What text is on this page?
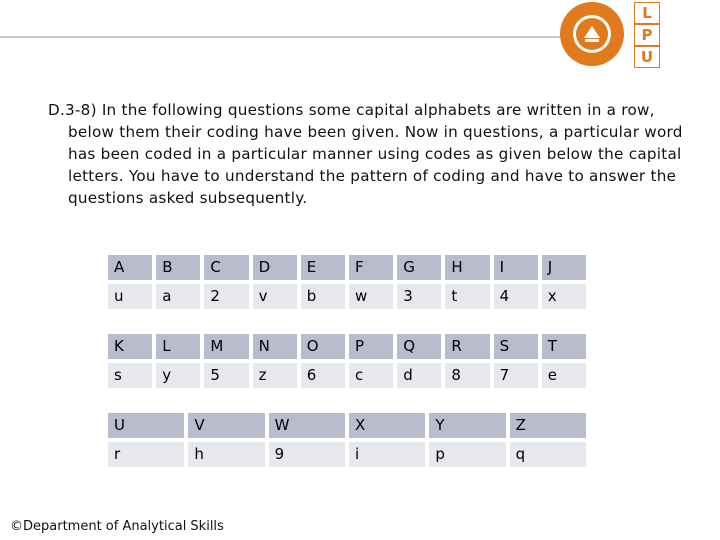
L
P
U

D.3-8) In the following questions some capital alphabets are written in a row, below them their coding have been given. Now in questions, a particular word has been coded in a particular manner using codes as given below the capital letters. You have to understand the pattern of coding and have to answer the questions asked subsequently.

A	B	C	D	E	F	G	H	I	J
u	a	2	v	b	w	3	t	4	x
K	L	M	N	O	P	Q	R	S	T
s	y	5	z	6	c	d	8	7	e
U	V	W	X	Y	Z
r	h	9	i	p	q
©Department of Analytical Skills
